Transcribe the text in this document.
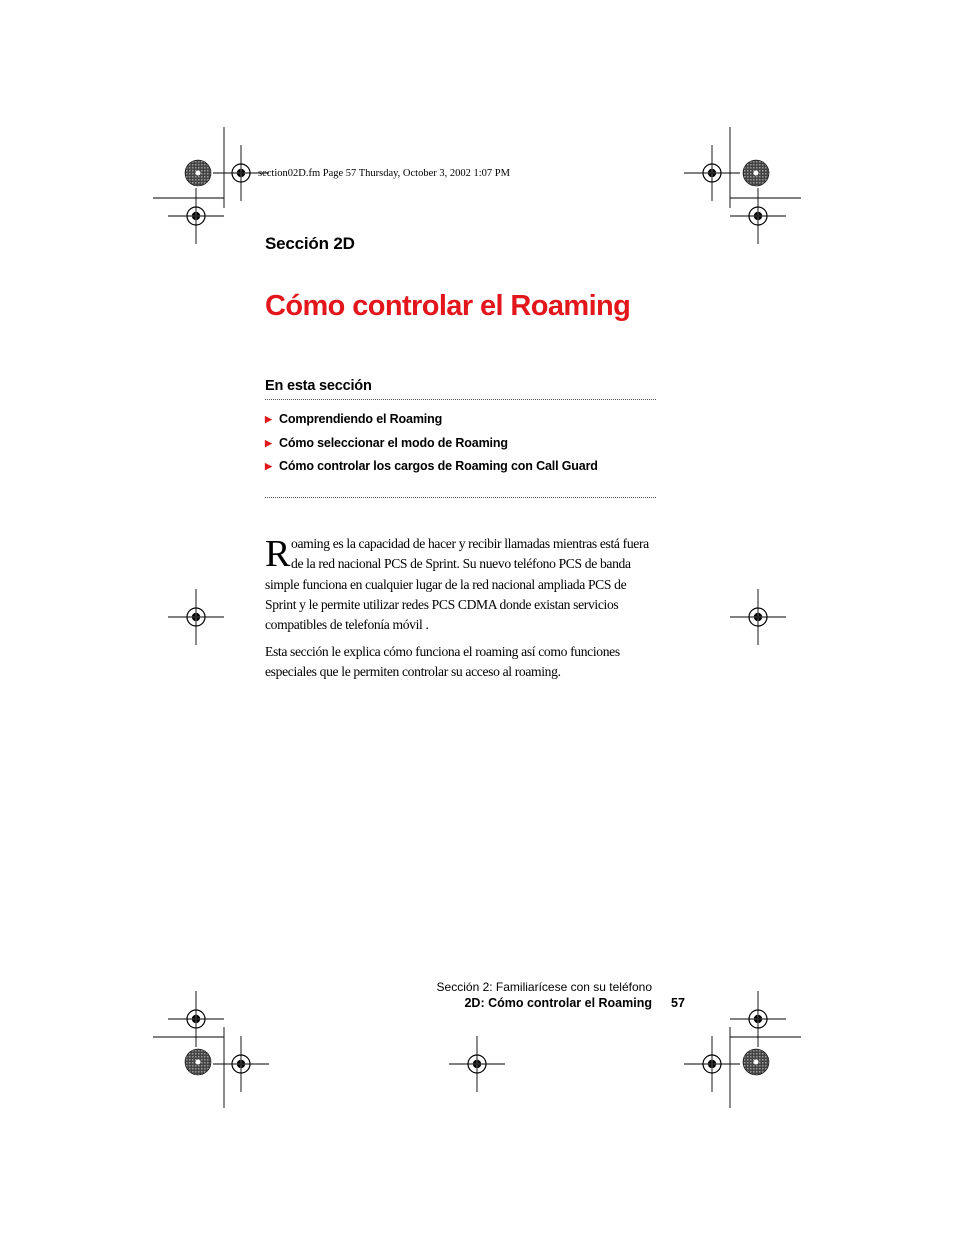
section02D.fm Page 57 Thursday, October 3, 2002 1:07 PM
Sección 2D
Cómo controlar el Roaming
En esta sección
▶ Comprendiendo el Roaming
▶ Cómo seleccionar el modo de Roaming
▶ Cómo controlar los cargos de Roaming con Call Guard

Roaming es la capacidad de hacer y recibir llamadas mientras está fuera de la red nacional PCS de Sprint. Su nuevo teléfono PCS de banda simple funciona en cualquier lugar de la red nacional ampliada PCS de Sprint y le permite utilizar redes PCS CDMA donde existan servicios compatibles de telefonía móvil .

Esta sección le explica cómo funciona el roaming así como funciones especiales que le permiten controlar su acceso al roaming.

Sección 2: Familiarícese con su teléfono
2D: Cómo controlar el Roaming 57
